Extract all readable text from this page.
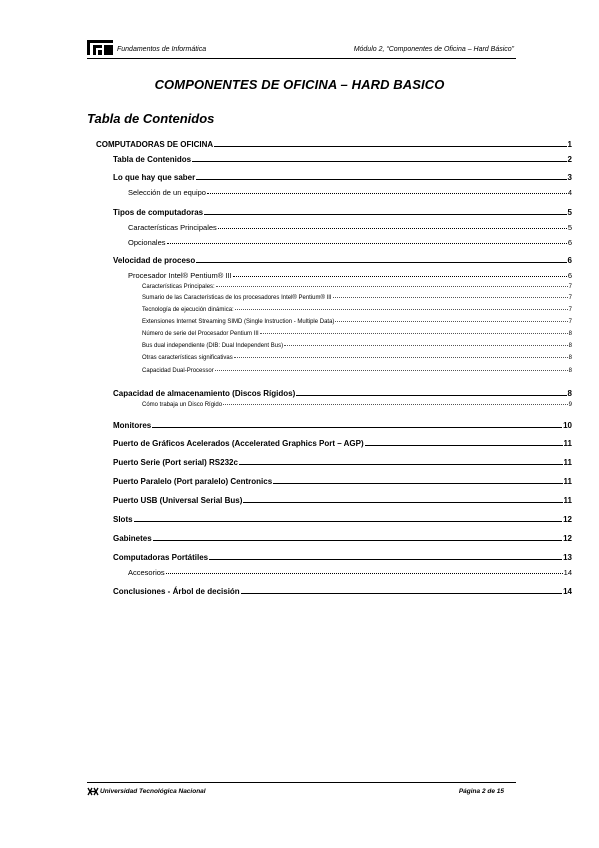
Fundamentos de Informática	Módulo 2, “Componentes de Oficina – Hard Básico”
COMPONENTES DE OFICINA – HARD BASICO
Tabla de Contenidos
COMPUTADORAS DE OFICINA	1
Tabla de Contenidos	2
Lo que hay que saber	3
Selección de un equipo	4
Tipos de computadoras	5
Características Principales	5
Opcionales	6
Velocidad de proceso	6
Procesador Intel® Pentium® III	6
Características Principales:	7
Sumario de las Características de los procesadores Intel® Pentium® III	7
Tecnología de ejecución dinámica:	7
Extensiones Internet Streaming SIMD (Single Instruction - Multiple Data)	7
Número de serie del Procesador Pentium III	8
Bus dual independiente (DIB: Dual Independent Bus)	8
Otras características significativas	8
Capacidad Dual-Processor	8
Capacidad de almacenamiento (Discos Rígidos)	8
Cómo trabaja un Disco Rígido	9
Monitores	10
Puerto de Gráficos Acelerados (Accelerated Graphics Port – AGP)	11
Puerto Serie (Port serial) RS232c	11
Puerto Paralelo (Port paralelo) Centronics	11
Puerto USB (Universal Serial Bus)	11
Slots	12
Gabinetes	12
Computadoras Portátiles	13
Accesorios	14
Conclusiones - Árbol de decisión	14
Universidad Tecnológica Nacional	Página 2 de 15
